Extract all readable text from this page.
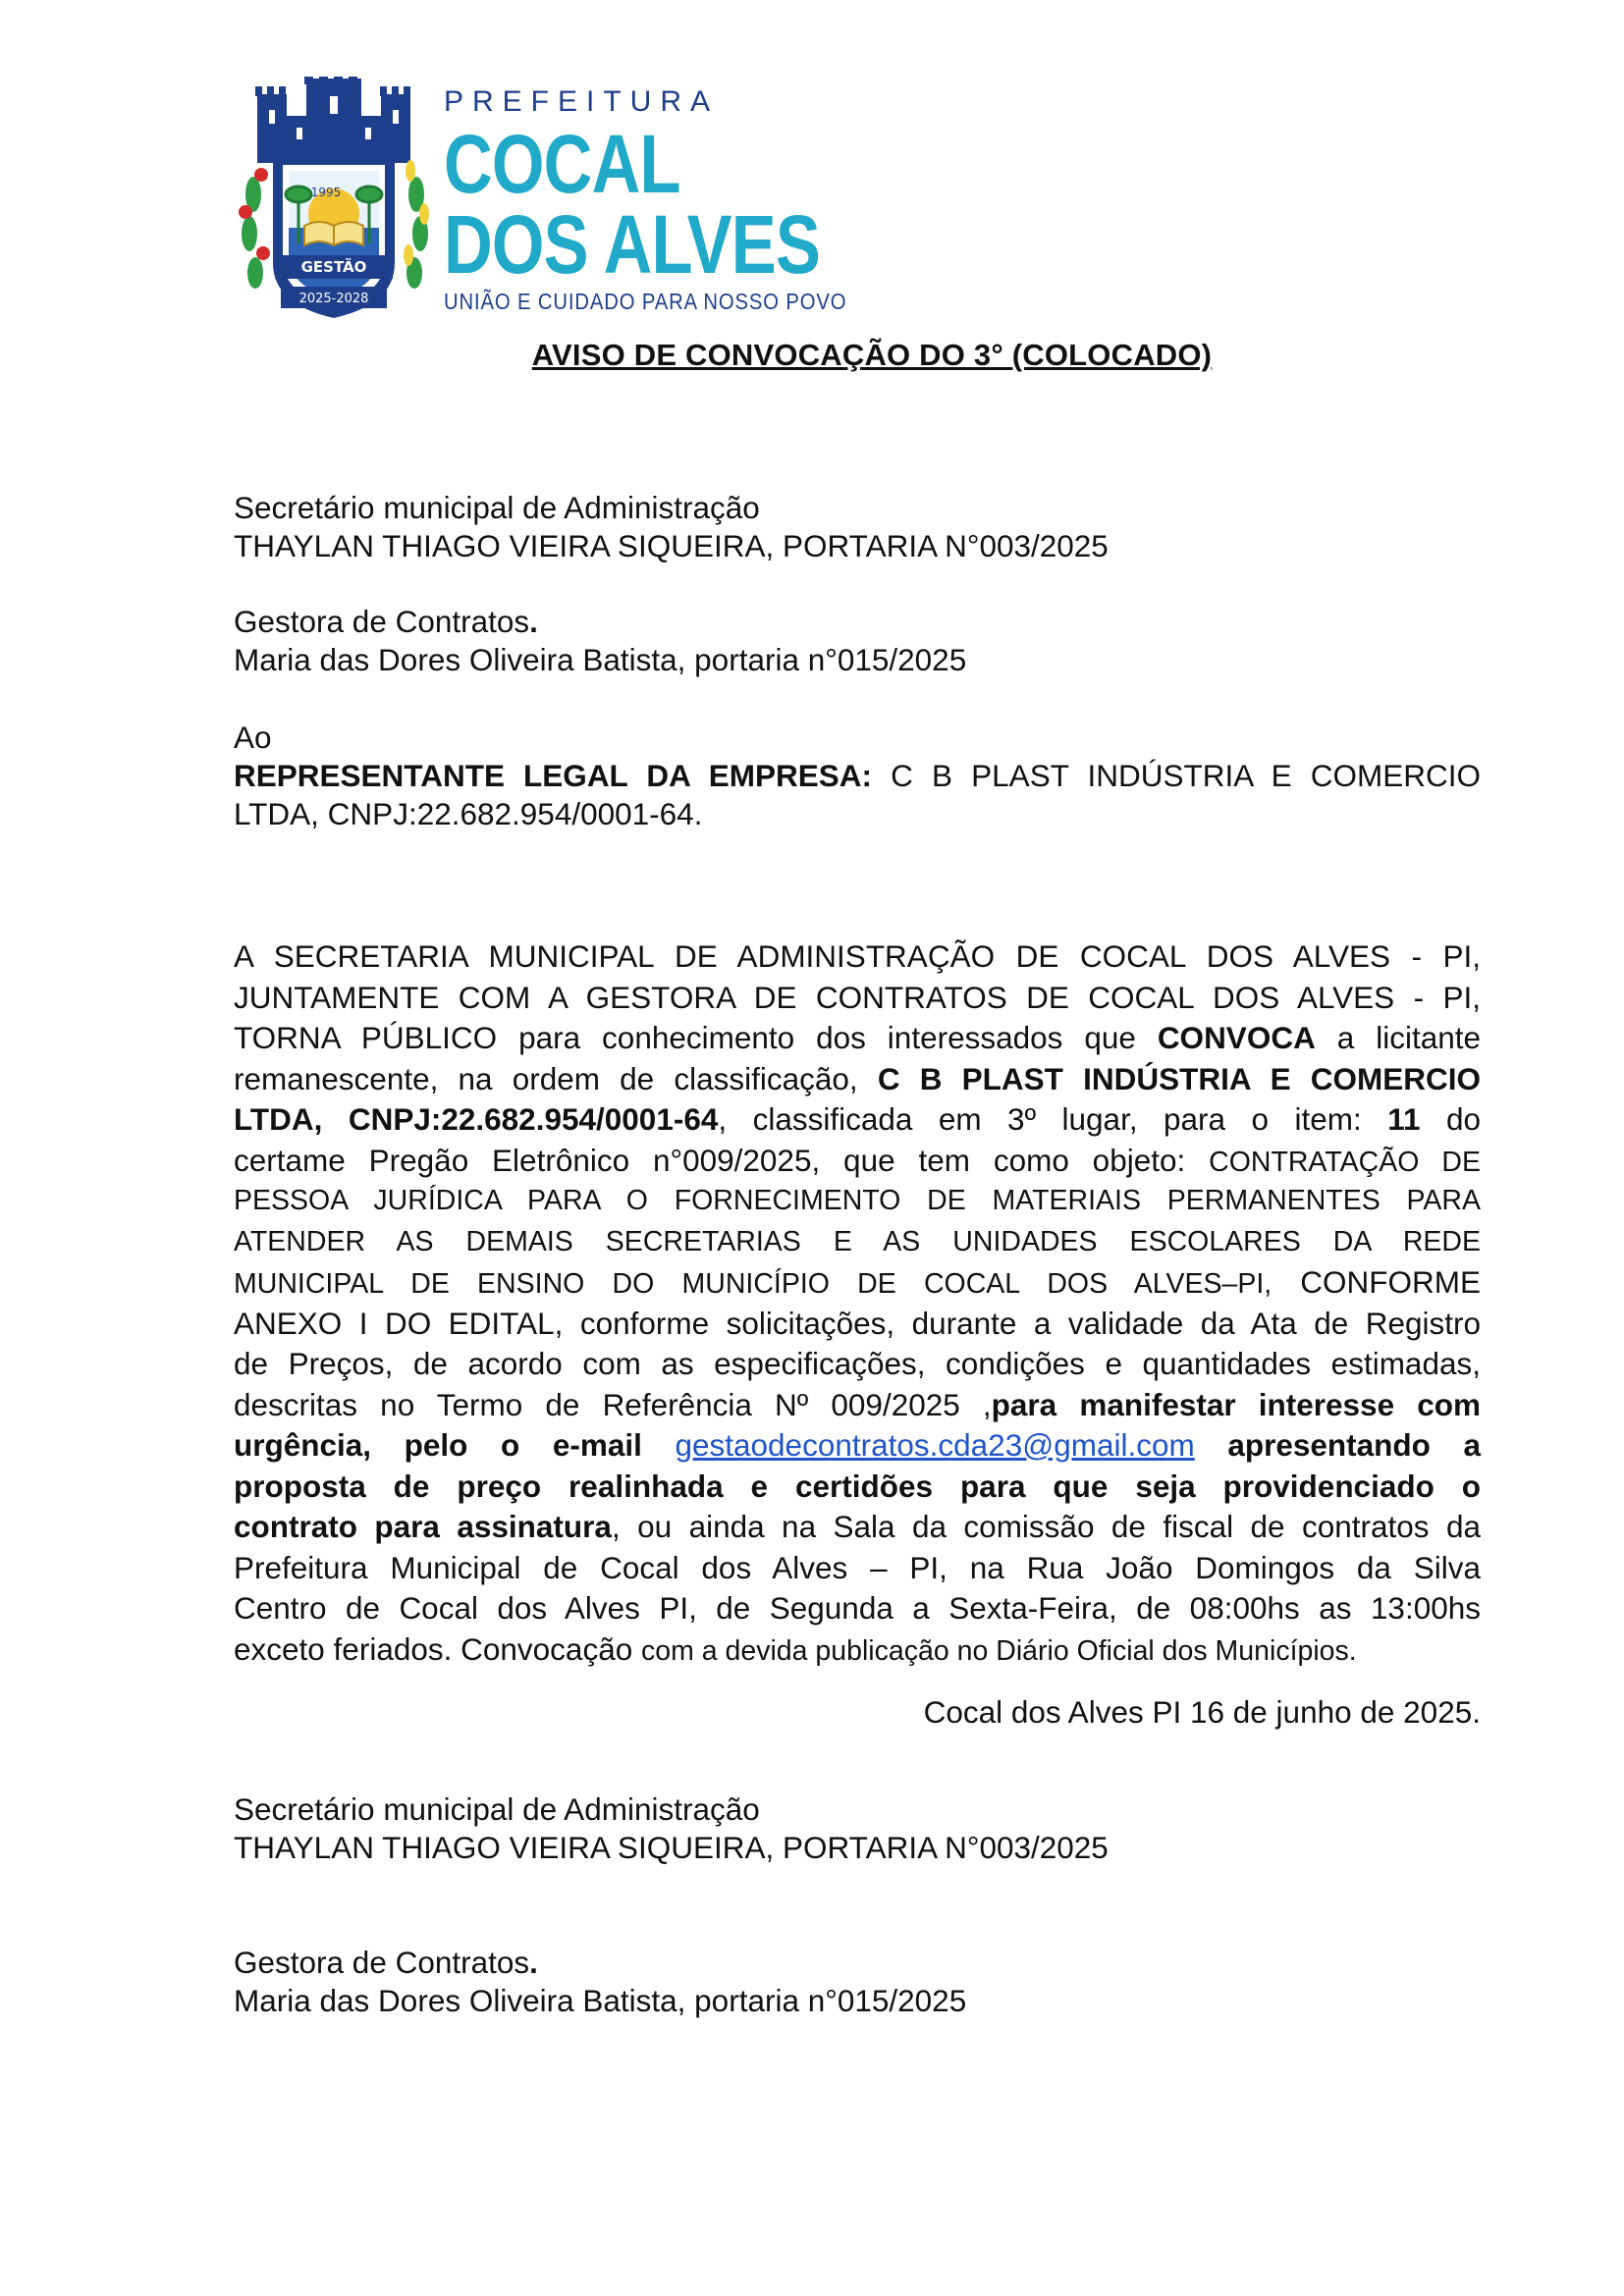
1995
GESTÃO
2025-2028
PREFEITURA
COCAL
DOS ALVES
UNIÃO E CUIDADO PARA NOSSO POVO
AVISO DE CONVOCAÇÃO DO 3° (COLOCADO)
Secretário municipal de Administração
THAYLAN THIAGO VIEIRA SIQUEIRA, PORTARIA N°003/2025
Gestora de Contratos.
Maria das Dores Oliveira Batista, portaria n°015/2025
Ao
REPRESENTANTE LEGAL DA EMPRESA: C B PLAST INDÚSTRIA E COMERCIO
LTDA, CNPJ:22.682.954/0001-64.
A SECRETARIA MUNICIPAL DE ADMINISTRAÇÃO DE COCAL DOS ALVES - PI,
JUNTAMENTE COM A GESTORA DE CONTRATOS DE COCAL DOS ALVES - PI,
TORNA PÚBLICO para conhecimento dos interessados que CONVOCA a licitante
remanescente, na ordem de classificação, C B PLAST INDÚSTRIA E COMERCIO
LTDA, CNPJ:22.682.954/0001-64, classificada em 3º lugar, para o item: 11 do
certame Pregão Eletrônico n°009/2025, que tem como objeto: CONTRATAÇÃO DE
PESSOA JURÍDICA PARA O FORNECIMENTO DE MATERIAIS PERMANENTES PARA
ATENDER AS DEMAIS SECRETARIAS E AS UNIDADES ESCOLARES DA REDE
MUNICIPAL DE ENSINO DO MUNICÍPIO DE COCAL DOS ALVES–PI, CONFORME
ANEXO I DO EDITAL, conforme solicitações, durante a validade da Ata de Registro
de Preços, de acordo com as especificações, condições e quantidades estimadas,
descritas no Termo de Referência Nº 009/2025 ,para manifestar interesse com
urgência, pelo o e-mail gestaodecontratos.cda23@gmail.com apresentando a
proposta de preço realinhada e certidões para que seja providenciado o
contrato para assinatura, ou ainda na Sala da comissão de fiscal de contratos da
Prefeitura Municipal de Cocal dos Alves – PI, na Rua João Domingos da Silva
Centro de Cocal dos Alves PI, de Segunda a Sexta-Feira, de 08:00hs as 13:00hs
exceto feriados. Convocação com a devida publicação no Diário Oficial dos Municípios.
Cocal dos Alves PI 16 de junho de 2025.
Secretário municipal de Administração
THAYLAN THIAGO VIEIRA SIQUEIRA, PORTARIA N°003/2025
Gestora de Contratos.
Maria das Dores Oliveira Batista, portaria n°015/2025
